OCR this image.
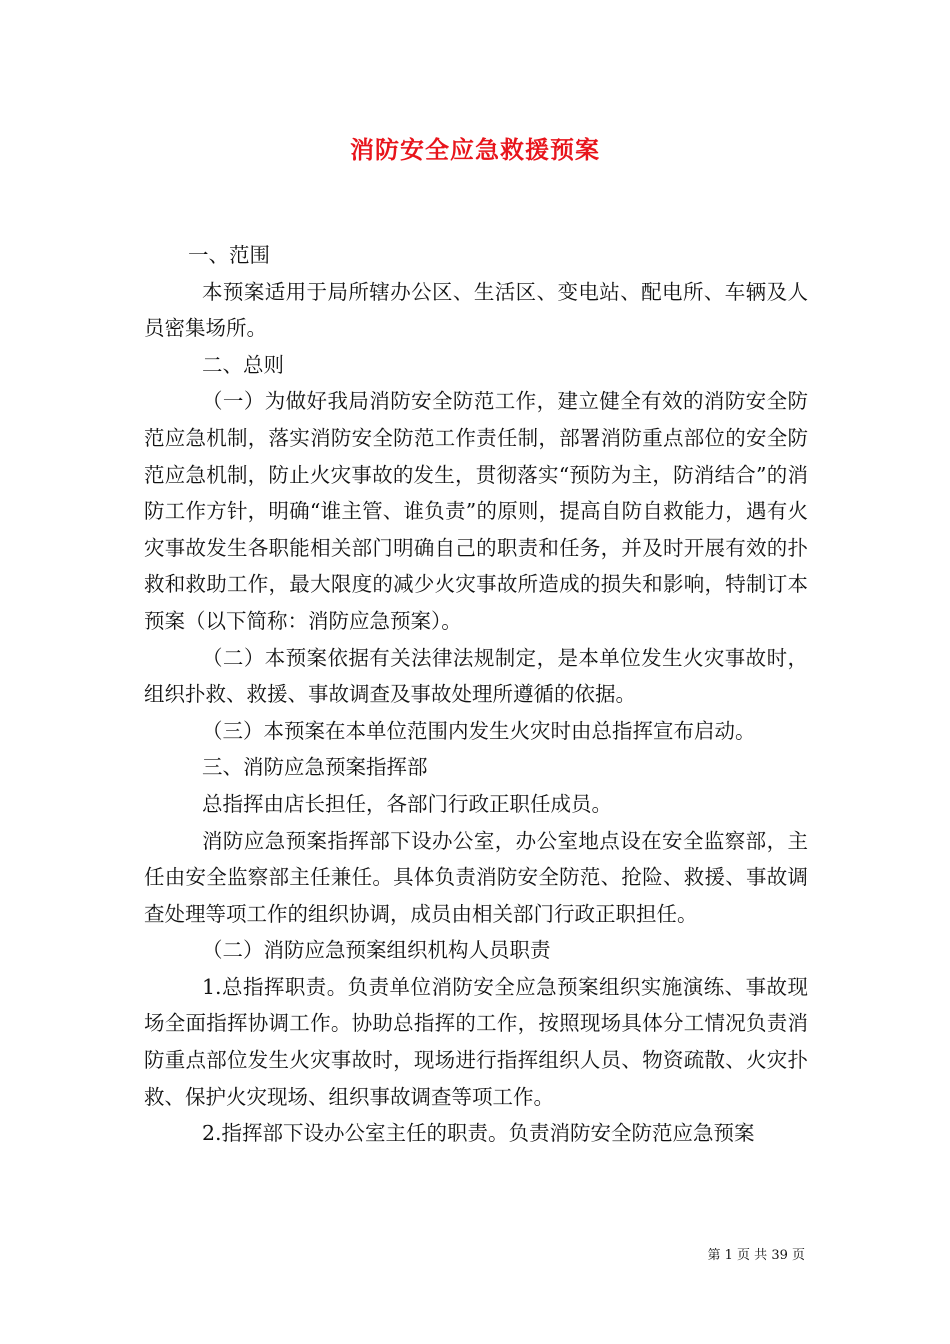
消防安全应急救援预案

一、范围

本预案适用于局所辖办公区、生活区、变电站、配电所、车辆及人员密集场所。

二、总则

（一）为做好我局消防安全防范工作，建立健全有效的消防安全防范应急机制，落实消防安全防范工作责任制，部署消防重点部位的安全防范应急机制，防止火灾事故的发生，贯彻落实“预防为主，防消结合”的消防工作方针，明确“谁主管、谁负责”的原则，提高自防自救能力，遇有火灾事故发生各职能相关部门明确自己的职责和任务，并及时开展有效的扑救和救助工作，最大限度的减少火灾事故所造成的损失和影响，特制订本预案（以下简称：消防应急预案）。

（二）本预案依据有关法律法规制定，是本单位发生火灾事故时，组织扑救、救援、事故调查及事故处理所遵循的依据。

（三）本预案在本单位范围内发生火灾时由总指挥宣布启动。

三、消防应急预案指挥部

总指挥由店长担任，各部门行政正职任成员。

消防应急预案指挥部下设办公室，办公室地点设在安全监察部，主任由安全监察部主任兼任。具体负责消防安全防范、抢险、救援、事故调查处理等项工作的组织协调，成员由相关部门行政正职担任。

（二）消防应急预案组织机构人员职责

1.总指挥职责。负责单位消防安全应急预案组织实施演练、事故现场全面指挥协调工作。协助总指挥的工作，按照现场具体分工情况负责消防重点部位发生火灾事故时，现场进行指挥组织人员、物资疏散、火灾扑救、保护火灾现场、组织事故调查等项工作。

2.指挥部下设办公室主任的职责。负责消防安全防范应急预案

第 1 页 共 39 页
